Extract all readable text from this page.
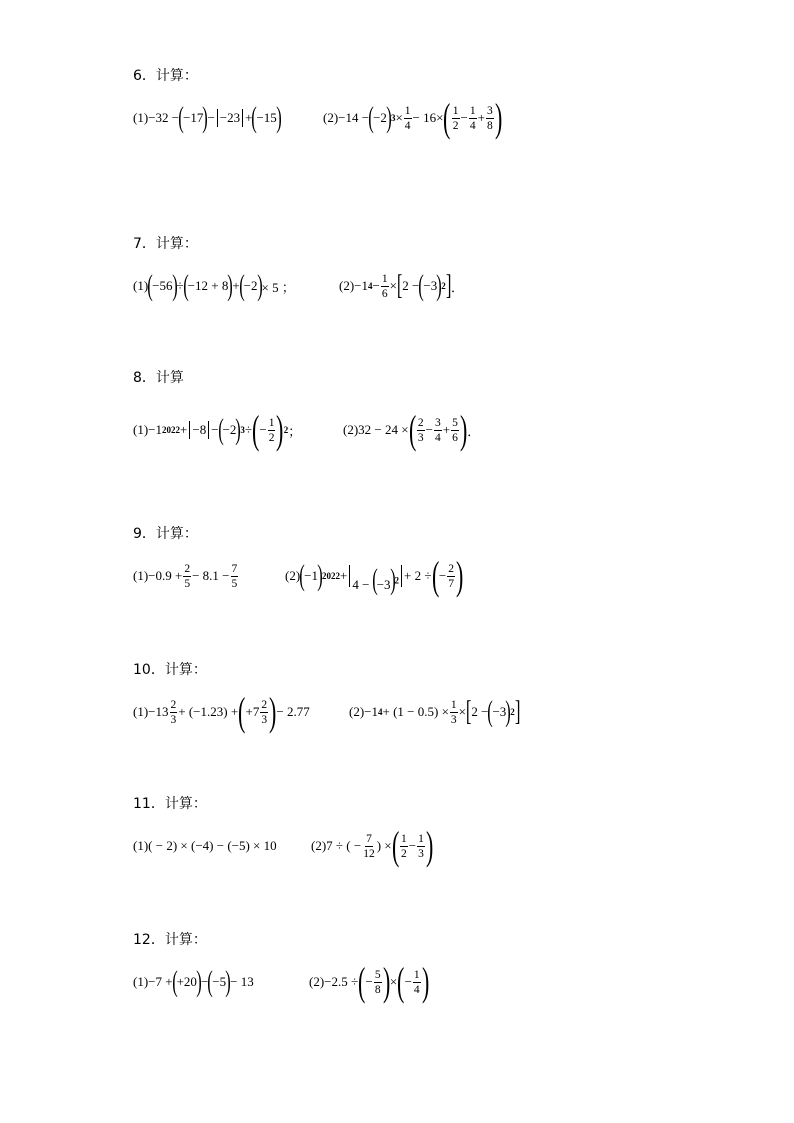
6．计算：
(1) −32 − ( −17 ) − −23 + ( −15 )	(2) −14 − ( −2 ) $3 \times \frac{1}{4} - 16\times$ ( $\frac{1}{2} - \frac{1}{4} + \frac{3}{8}$ )
7．计算：
(1) ( −56 ) ÷ ( −12 + 8 ) + ( −2 ) × 5 ；	(2) −1 $4 - \frac{1}{6}$ × [ 2 − ( −3 ) 2 ] ．
8．计算
(1) −1 2022 + −8 − ( −2 ) 3 ÷ ( − $\frac{1}{2}$ ) 2 ；	(2) 32 − 24 × ( $\frac{2}{3} - \frac{3}{4} + \frac{5}{6}$ ) ．
9．计算：
$(1) -0.9 + \frac{2}{5} - 8.1 - \frac{7}{5}$	(2) ( −1 ) 2022 +
$4 - (-3)^2 + 2$ ÷ ( − $\frac{2}{7}$ )
10．计算：
$(1) -13 \frac{2}{3} + (-1.23)$ + ( $+7 \frac{2}{3}$ ) − 2.77	(2) −1 $4 + (1 - 0.5) \times \frac{1}{3}$ × [ 2 − ( −3 ) 2 ]
11．计算：
(1) ( − 2) × (−4) − (−5) × 10	(2) 7 ÷ ( − $\frac{7}{12}$ ) × ( $\frac{1}{2} - \frac{1}{3}$ )
12．计算：
(1) −7 + ( +20 ) − ( −5 ) − 13	(2) −2.5 ÷ ( − $\frac{5}{8}$ ) × ( − $\frac{1}{4}$ )
